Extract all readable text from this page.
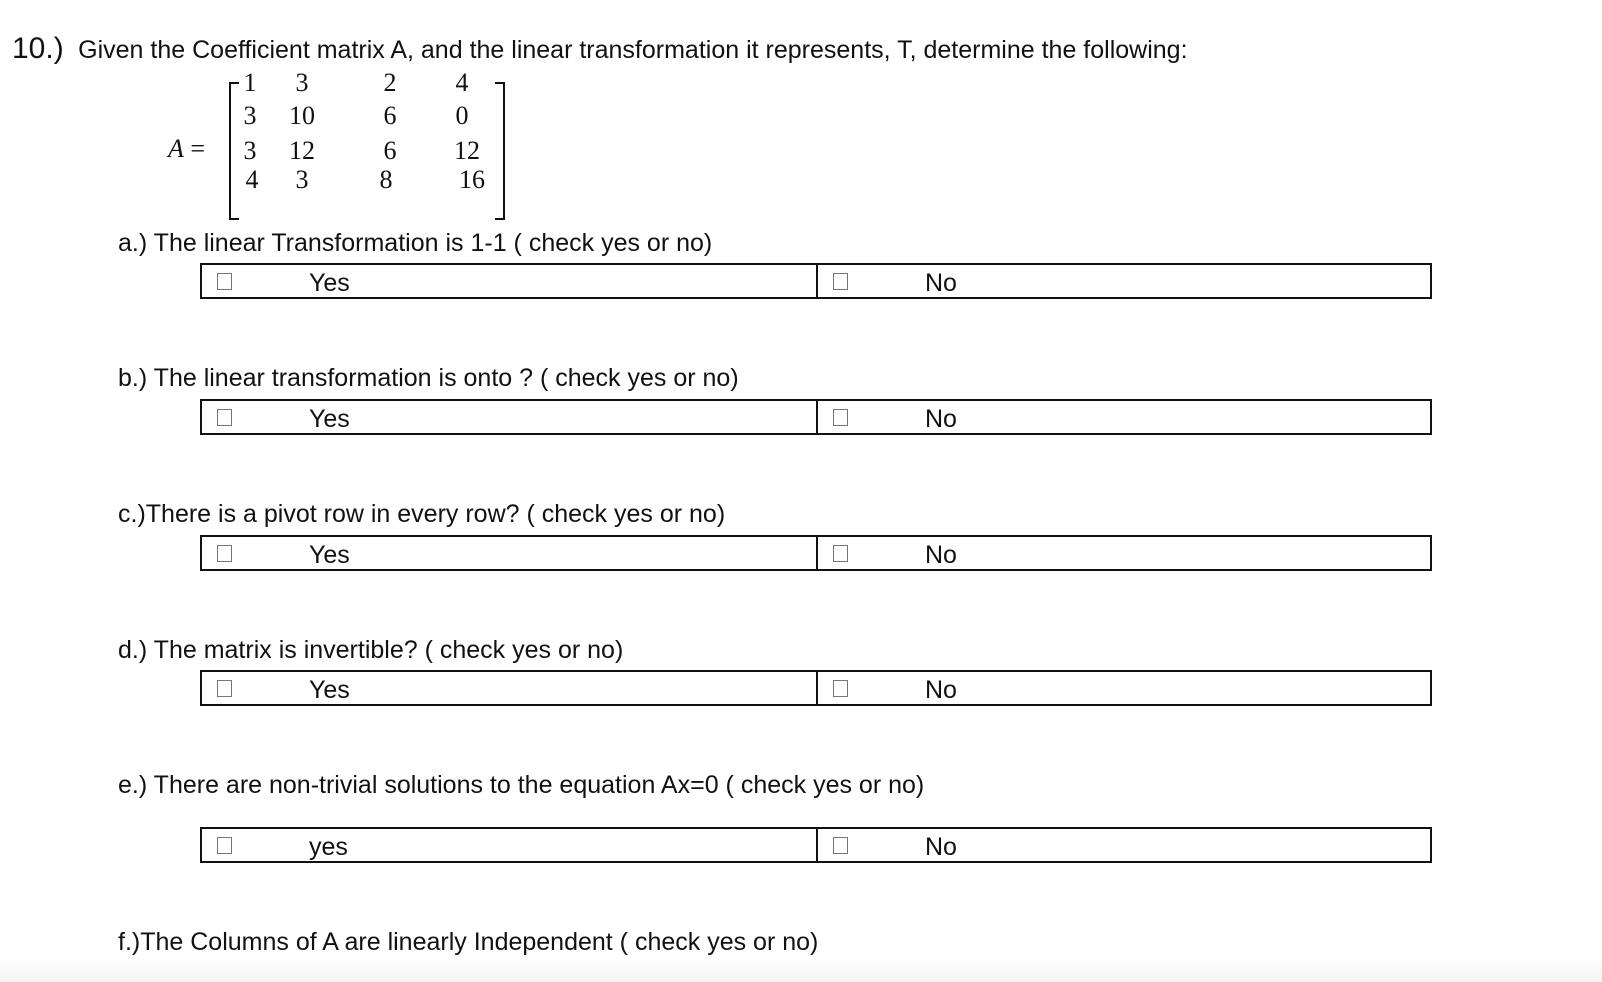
10.) Given the Coefficient matrix A, and the linear transformation it represents, T, determine the following:
A =
1	3	2	4
3	10	6	0
3	12	6	12
4	3	8	16
a.) The linear Transformation is 1-1 ( check yes or no)
Yes	No
b.) The linear transformation is onto ? ( check yes or no)
Yes	No
c.)There is a pivot row in every row? ( check yes or no)
Yes	No
d.) The matrix is invertible? ( check yes or no)
Yes	No
e.) There are non-trivial solutions to the equation Ax=0 ( check yes or no)
yes	No
f.)The Columns of A are linearly Independent ( check yes or no)
